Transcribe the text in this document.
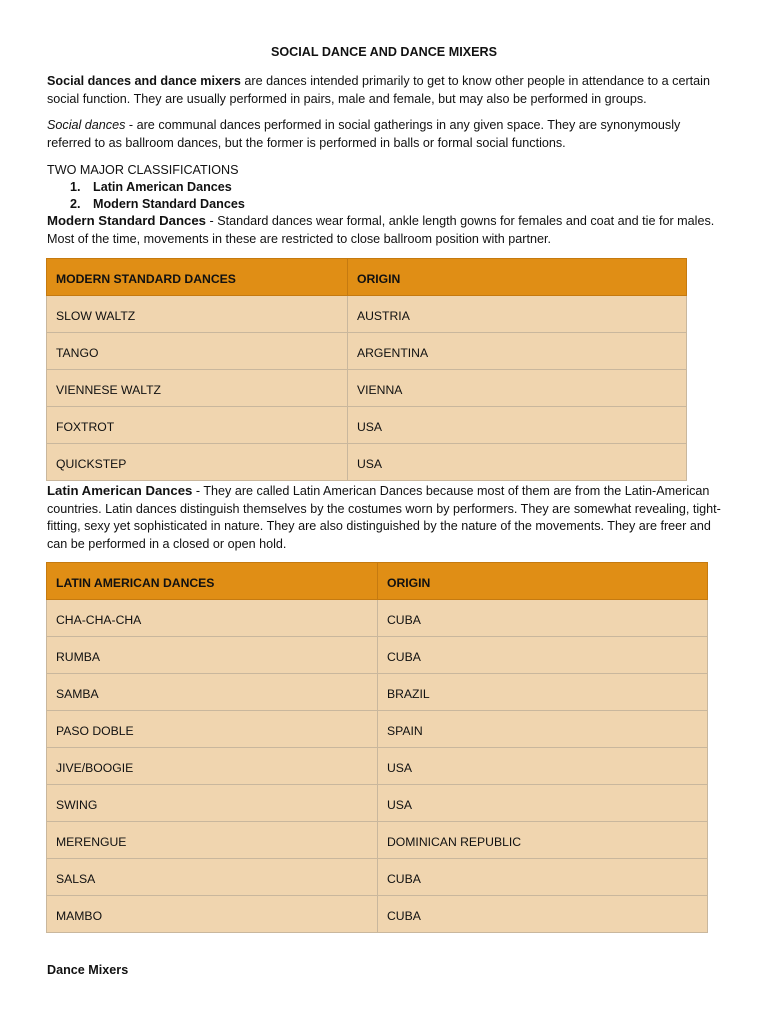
SOCIAL DANCE AND DANCE MIXERS

Social dances and dance mixers are dances intended primarily to get to know other people in attendance to a certain social function. They are usually performed in pairs, male and female, but may also be performed in groups.

Social dances - are communal dances performed in social gatherings in any given space. They are synonymously referred to as ballroom dances, but the former is performed in balls or formal social functions.

TWO MAJOR CLASSIFICATIONS

1. Latin American Dances
2. Modern Standard Dances

Modern Standard Dances - Standard dances wear formal, ankle length gowns for females and coat and tie for males. Most of the time, movements in these are restricted to close ballroom position with partner.

MODERN STANDARD DANCES	ORIGIN
SLOW WALTZ	AUSTRIA
TANGO	ARGENTINA
VIENNESE WALTZ	VIENNA
FOXTROT	USA
QUICKSTEP	USA

Latin American Dances - They are called Latin American Dances because most of them are from the Latin-American countries. Latin dances distinguish themselves by the costumes worn by performers. They are somewhat revealing, tight-fitting, sexy yet sophisticated in nature. They are also distinguished by the nature of the movements. They are freer and can be performed in a closed or open hold.

LATIN AMERICAN DANCES	ORIGIN
CHA-CHA-CHA	CUBA
RUMBA	CUBA
SAMBA	BRAZIL
PASO DOBLE	SPAIN
JIVE/BOOGIE	USA
SWING	USA
MERENGUE	DOMINICAN REPUBLIC
SALSA	CUBA
MAMBO	CUBA

Dance Mixers
